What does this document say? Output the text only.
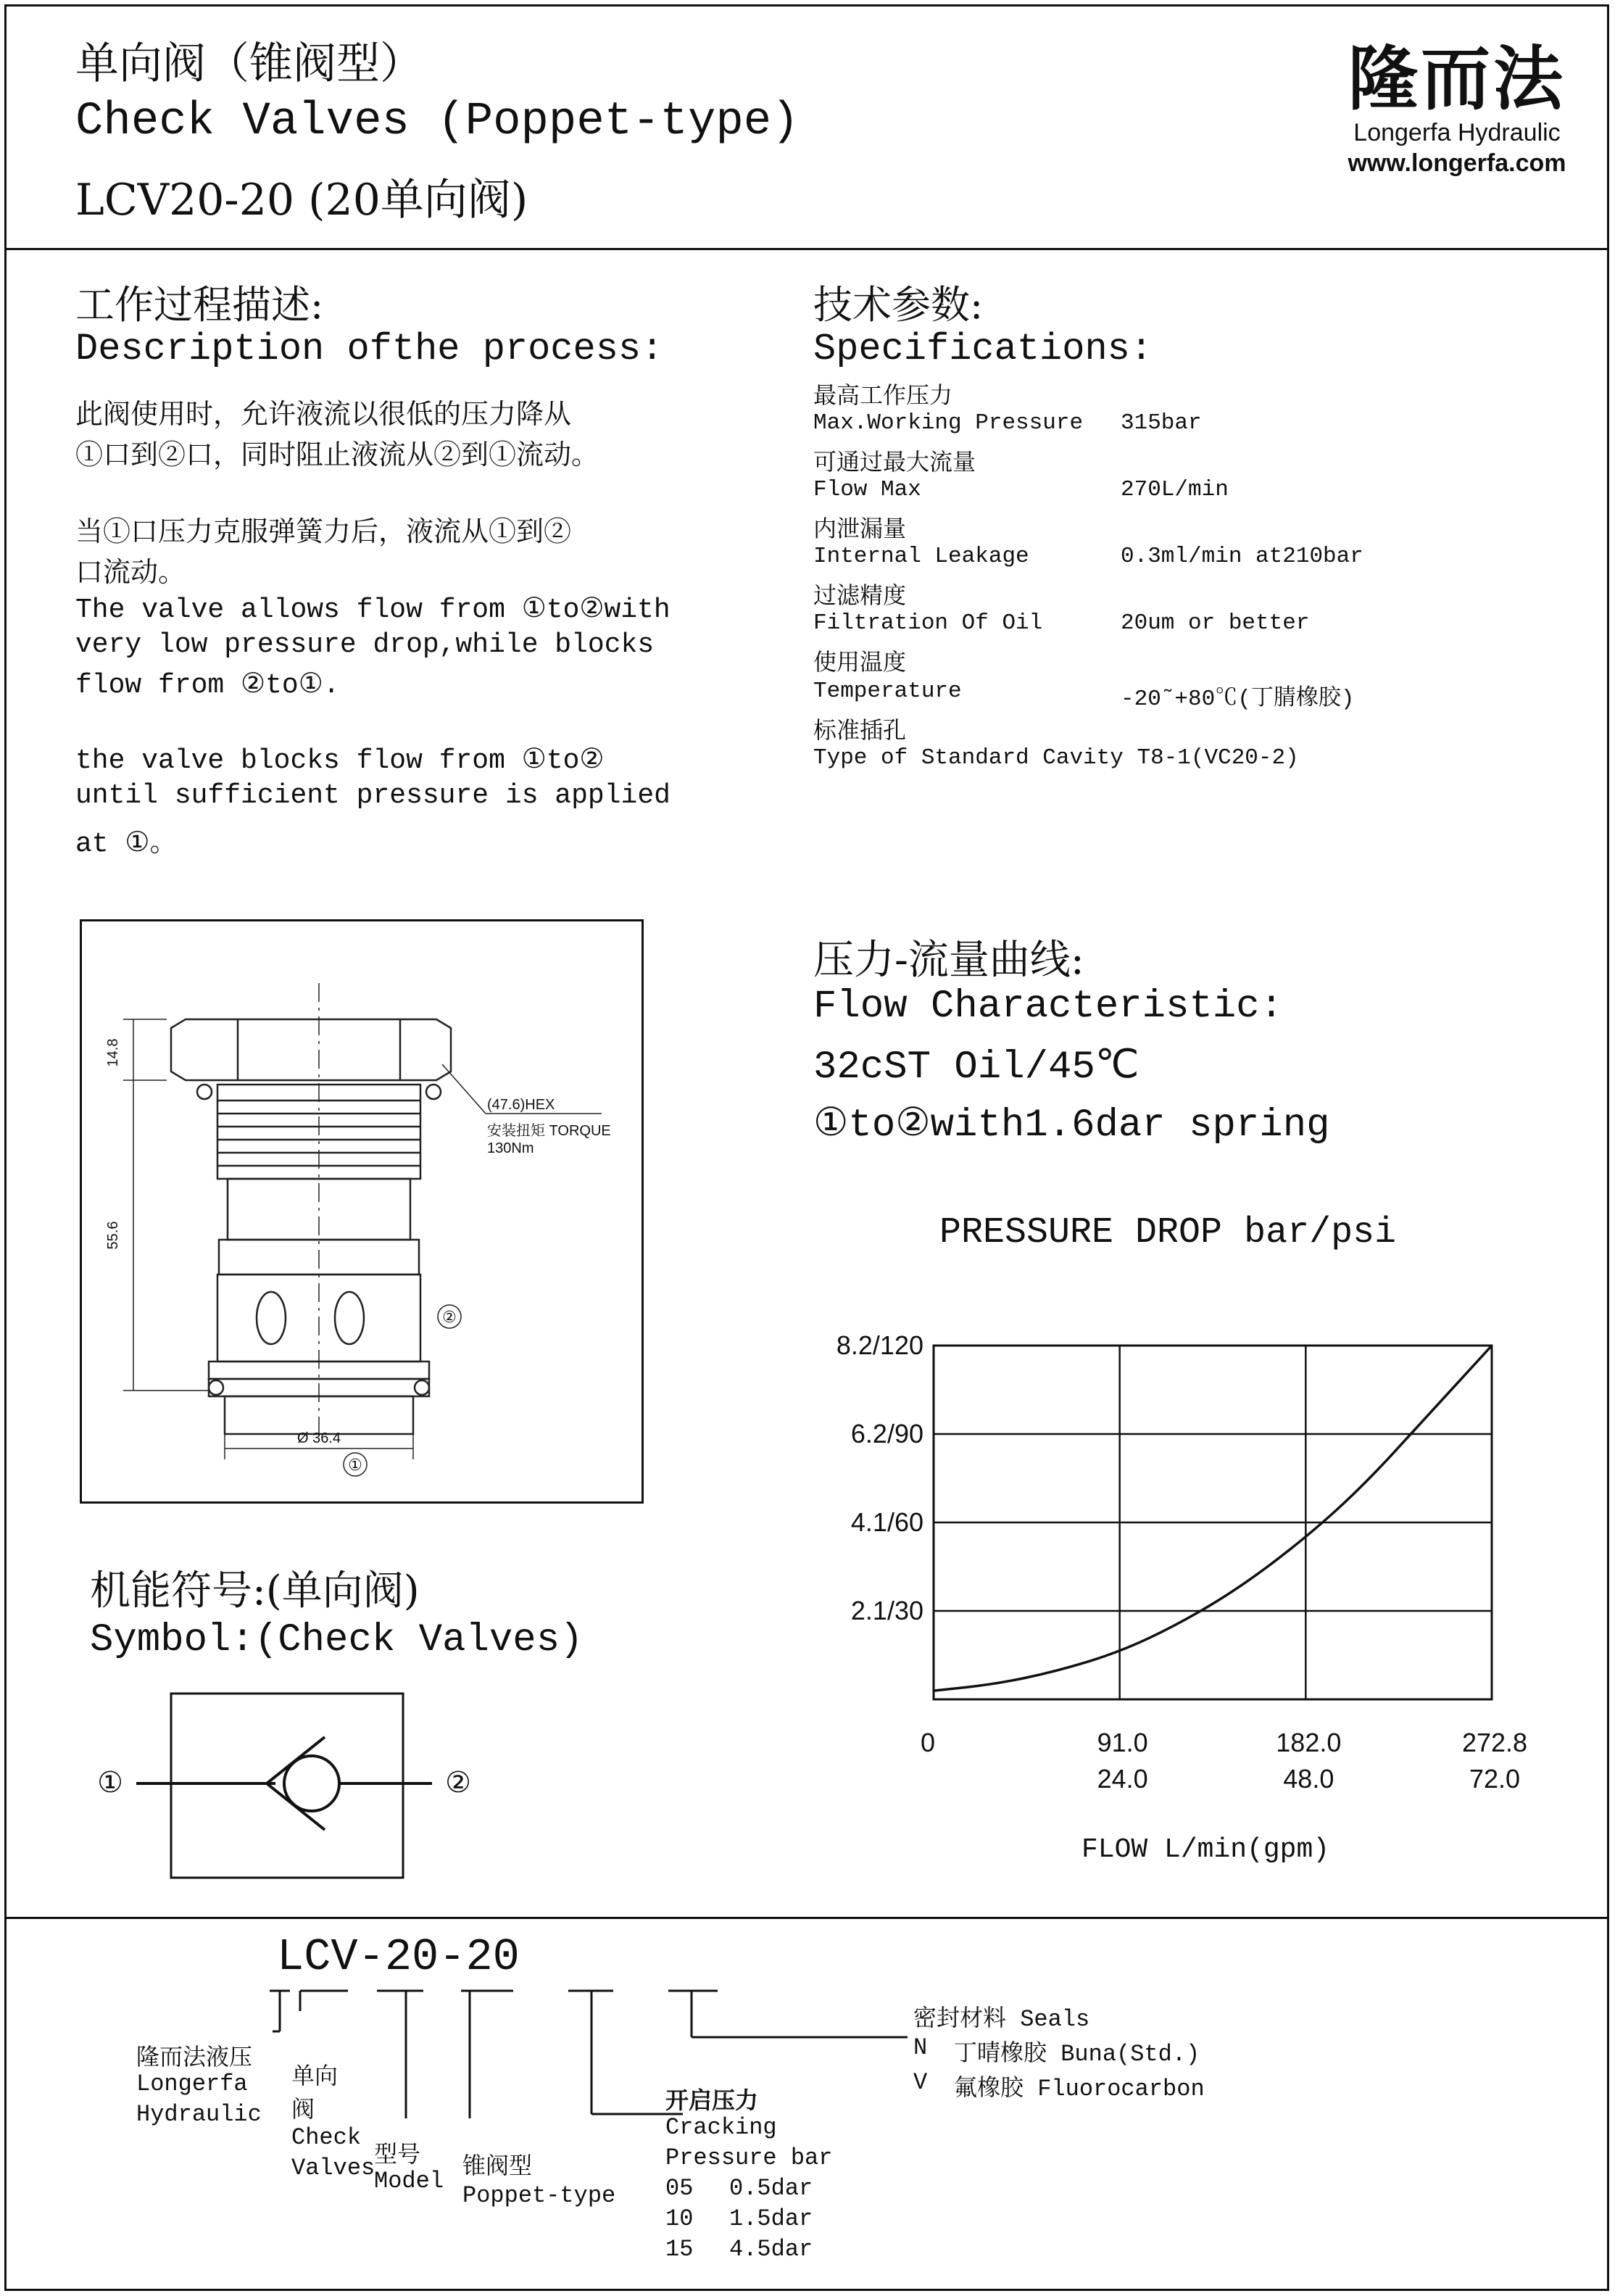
单向阀（锥阀型）
Check Valves (Poppet-type)
LCV20-20 (20单向阀)
隆而法
Longerfa Hydraulic
www.longerfa.com
工作过程描述:
Description ofthe process:
此阀使用时，允许液流以很低的压力降从
①口到②口，同时阻止液流从②到①流动。
当①口压力克服弹簧力后，液流从①到②
口流动。
The valve allows flow from ①to②with
very low pressure drop,while blocks
flow from ②to①.
the valve blocks flow from ①to②
until sufficient pressure is applied
at ①。
技术参数:
Specifications:
最高工作压力
Max.Working Pressure 315bar
可通过最大流量
Flow Max	270L/min
内泄漏量
Internal Leakage	0.3ml/min at210bar
过滤精度
Filtration Of Oil	20um or better
使用温度
Temperature	-20˜+80℃(丁腈橡胶)
标准插孔
Type of Standard Cavity T8-1(VC20-2)
14.8
55.6
Ø 36.4
(47.6)HEX
安装扭矩 TORQUE
130Nm
②
①
压力-流量曲线:
Flow Characteristic:
32cST Oil/45℃
①to②with1.6dar spring
PRESSURE DROP bar/psi
2.1/30
4.1/60
6.2/90
8.2/120
0	91.0
24.0
182.0
48.0
272.8
72.0
FLOW L/min(gpm)
机能符号:(单向阀)
Symbol:(Check Valves)
①	②
LCV-20-20
隆而法液压
Longerfa
Hydraulic
单向
阀
Check
Valves
型号
Model
锥阀型
Poppet-type
开启压力
Cracking
Pressure bar
05 0.5dar
10 1.5dar
15 4.5dar
密封材料 Seals
N 丁晴橡胶 Buna(Std.)
V 氟橡胶 Fluorocarbon
